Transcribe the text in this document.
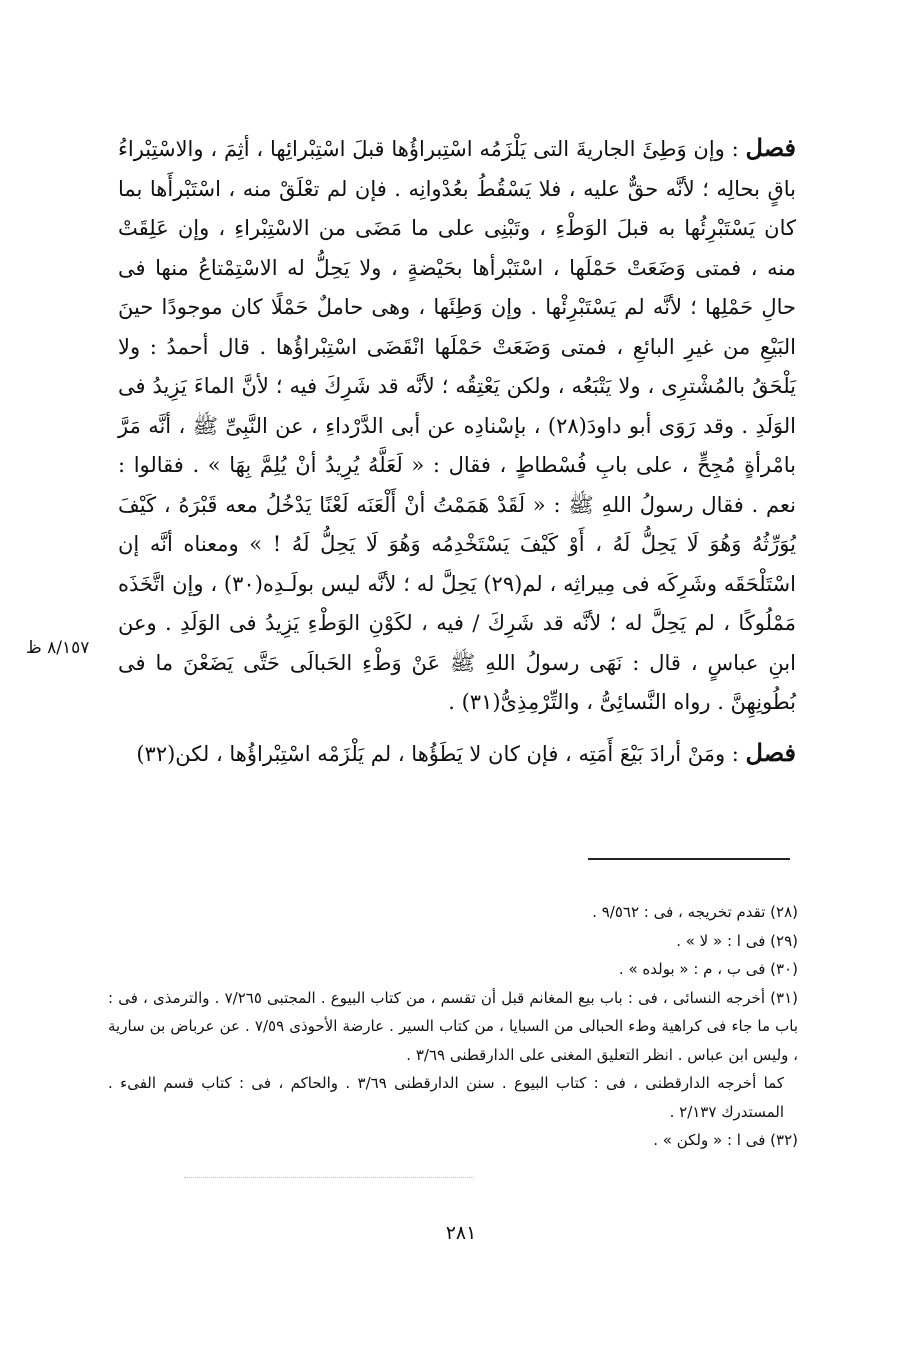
فصل : وإن وَطِئَ الجاريةَ التى يَلْزَمُه اسْتِبراؤُها قبلَ اسْتِبْرائِها ، أثِمَ ، والاسْتِبْراءُ باقٍ بحالِه ؛ لأنَّه حقٌّ عليه ، فلا يَسْقُطُ بعُدْوانِه . فإن لم تعْلَقْ منه ، اسْتَبْرأَها بما كان يَسْتَبْرِئُها به قبلَ الوَطْءِ ، وتَبْنِى على ما مَضَى من الاسْتِبْراءِ ، وإن عَلِقَتْ منه ، فمتى وَضَعَتْ حَمْلَها ، اسْتَبْرأها بحَيْضةٍ ، ولا يَحِلُّ له الاسْتِمْتاعُ منها فى حالِ حَمْلِها ؛ لأنَّه لم يَسْتَبْرِئْها . وإن وَطِئَها ، وهى حاملٌ حَمْلًا كان موجودًا حينَ البَيْعِ من غيرِ البائعِ ، فمتى وَضَعَتْ حَمْلَها انْقَضَى اسْتِبْراؤُها . قال أحمدُ : ولا يَلْحَقُ بالمُشْترِى ، ولا يَتْبَعُه ، ولكن يَعْتِقُه ؛ لأنَّه قد شَرِكَ فيه ؛ لأنَّ الماءَ يَزِيدُ فى الوَلَدِ . وقد رَوَى أبو داودَ(٢٨) ، بإسْنادِه عن أبى الدَّرْداءِ ، عن النَّبِىِّ ﷺ ، أنَّه مَرَّ بامْرأةٍ مُجِحٍّ ، على بابِ فُسْطاطٍ ، فقال : « لَعَلَّهُ يُرِيدُ أنْ يُلِمَّ بِهَا » . فقالوا : نعم . فقال رسولُ اللهِ ﷺ : « لَقَدْ هَمَمْتُ أنْ أَلْعَنَه لَعْنًا يَدْخُلُ معه قَبْرَهُ ، كَيْفَ يُوَرِّثُهُ وَهُوَ لَا يَحِلُّ لَهُ ، أَوْ كَيْفَ يَسْتَخْدِمُه وَهُوَ لَا يَحِلُّ لَهُ ! » ومعناه أنَّه إن اسْتَلْحَقَه وشَرِكَه فى مِيراثِه ، لم(٢٩) يَحِلَّ له ؛ لأنَّه ليس بولَـدِه(٣٠) ، وإن اتَّخَذَه مَمْلُوكًا ، لم يَحِلَّ له ؛ لأنَّه قد شَرِكَ / فيه ، لكَوْنِ الوَطْءِ يَزِيدُ فى الوَلَدِ . وعن ابنِ عباسٍ ، قال : نَهَى رسولُ اللهِ ﷺ عَنْ وَطْءِ الحَبالَى حَتَّى يَضَعْنَ ما فى بُطُونِهِنَّ . رواه النَّسائِىُّ ، والتِّرْمِذِىُّ(٣١) .

فصل : ومَنْ أرادَ بَيْعَ أَمَتِه ، فإن كان لا يَطَؤُها ، لم يَلْزَمْه اسْتِبْراؤُها ، لكن(٣٢)

٨/١٥٧ ظ

(٢٨) تقدم تخريجه ، فى : ٩/٥٦٢ .

(٢٩) فى ا : « لا » .

(٣٠) فى ب ، م : « بولده » .

(٣١) أخرجه النسائى ، فى : باب بيع المغانم قبل أن تقسم ، من كتاب البيوع . المجتبى ٧/٢٦٥ . والترمذى ، فى : باب ما جاء فى كراهية وطء الحبالى من السبايا ، من كتاب السير . عارضة الأحوذى ٧/٥٩ . عن عرباض بن سارية ، وليس ابن عباس . انظر التعليق المغنى على الدارقطنى ٣/٦٩ .

كما أخرجه الدارقطنى ، فى : كتاب البيوع . سنن الدارقطنى ٣/٦٩ . والحاكم ، فى : كتاب قسم الفىء . المستدرك ٢/١٣٧ .

(٣٢) فى ا : « ولكن » .

٢٨١
